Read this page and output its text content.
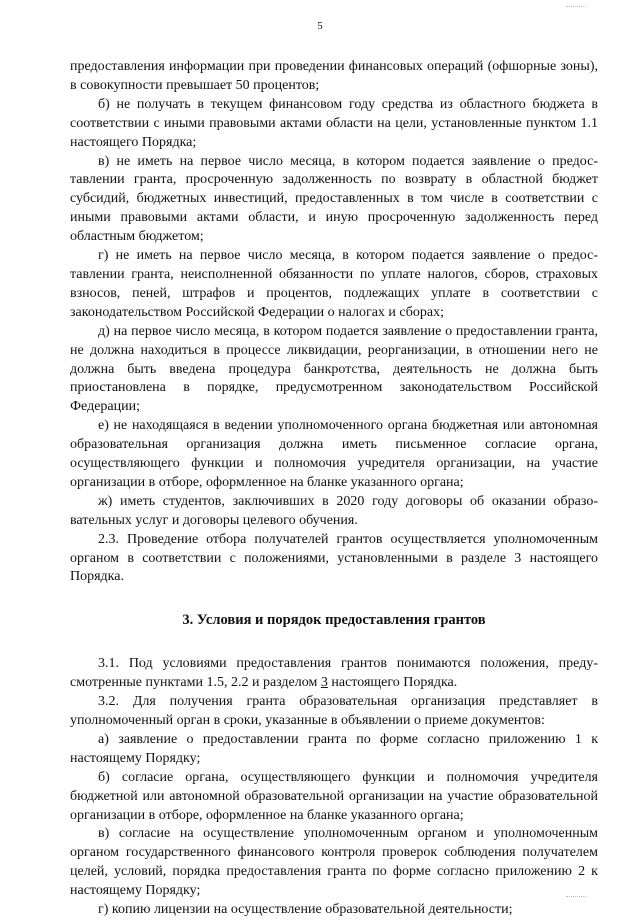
5

предоставления информации при проведении финансовых операций (офшорные зоны), в совокупности превышает 50 процентов;

б) не получать в текущем финансовом году средства из областного бюджета в соответствии с иными правовыми актами области на цели, установленные пунктом 1.1 настоящего Порядка;

в) не иметь на первое число месяца, в котором подается заявление о предоставлении гранта, просроченную задолженность по возврату в областной бюджет субсидий, бюджетных инвестиций, предоставленных в том числе в соответствии с иными правовыми актами области, и иную просроченную задолженность перед областным бюджетом;

г) не иметь на первое число месяца, в котором подается заявление о предоставлении гранта, неисполненной обязанности по уплате налогов, сборов, страховых взносов, пеней, штрафов и процентов, подлежащих уплате в соответствии с законодательством Российской Федерации о налогах и сборах;

д) на первое число месяца, в котором подается заявление о предоставлении гранта, не должна находиться в процессе ликвидации, реорганизации, в отношении него не должна быть введена процедура банкротства, деятельность не должна быть приостановлена в порядке, предусмотренном законодательством Российской Федерации;

е) не находящаяся в ведении уполномоченного органа бюджетная или автономная образовательная организация должна иметь письменное согласие органа, осуществляющего функции и полномочия учредителя организации, на участие организации в отборе, оформленное на бланке указанного органа;

ж) иметь студентов, заключивших в 2020 году договоры об оказании образовательных услуг и договоры целевого обучения.

2.3. Проведение отбора получателей грантов осуществляется уполномоченным органом в соответствии с положениями, установленными в разделе 3 настоящего Порядка.

3. Условия и порядок предоставления грантов

3.1. Под условиями предоставления грантов понимаются положения, предусмотренные пунктами 1.5, 2.2 и разделом 3 настоящего Порядка.

3.2. Для получения гранта образовательная организация представляет в уполномоченный орган в сроки, указанные в объявлении о приеме документов:

а) заявление о предоставлении гранта по форме согласно приложению 1 к настоящему Порядку;

б) согласие органа, осуществляющего функции и полномочия учредителя бюджетной или автономной образовательной организации на участие образовательной организации в отборе, оформленное на бланке указанного органа;

в) согласие на осуществление уполномоченным органом и уполномоченным органом государственного финансового контроля проверок соблюдения получателем целей, условий, порядка предоставления гранта по форме согласно приложению 2 к настоящему Порядку;

г) копию лицензии на осуществление образовательной деятельности;
